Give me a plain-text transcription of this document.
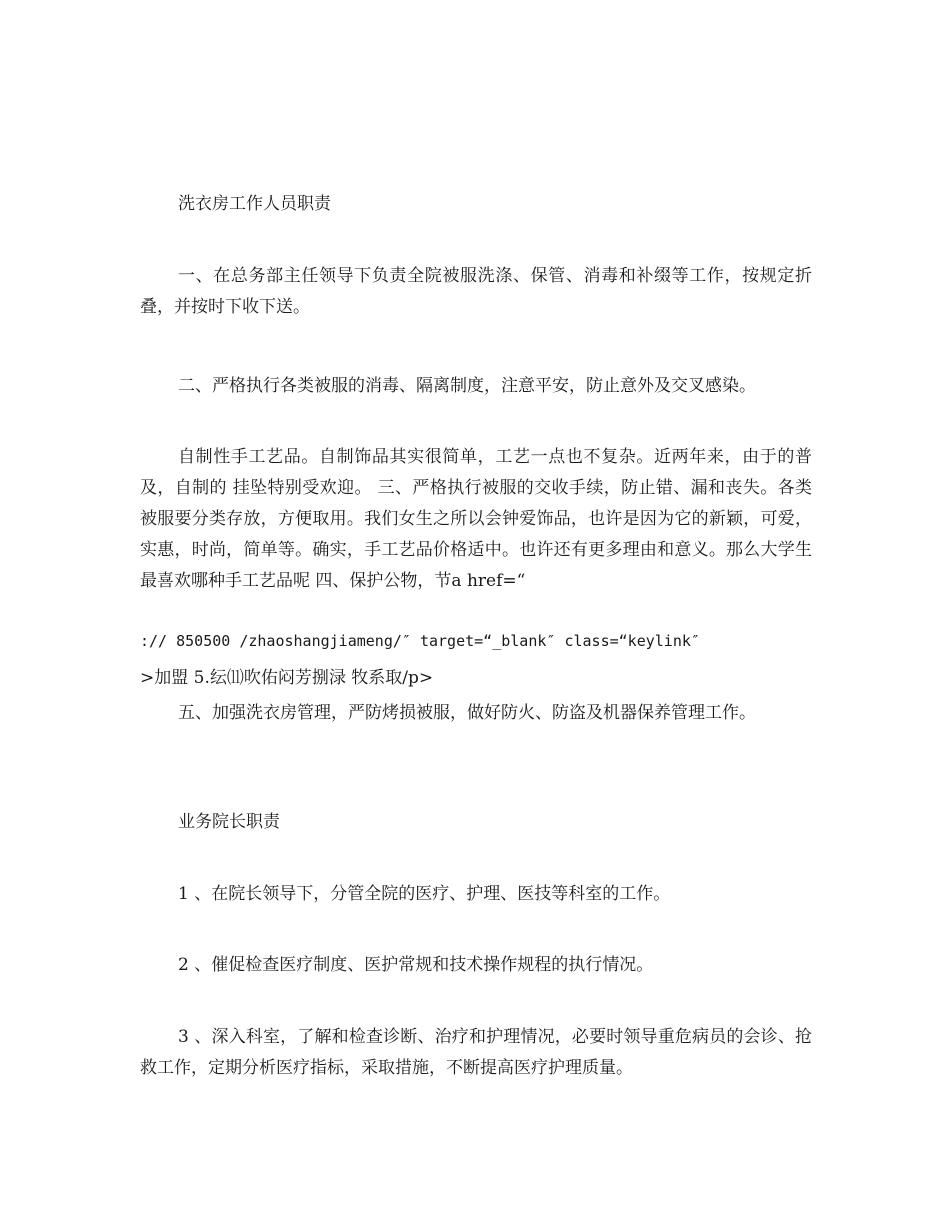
洗衣房工作人员职责
一、在总务部主任领导下负责全院被服洗涤、保管、消毒和补缀等工作，按规定折叠，并按时下收下送。
二、严格执行各类被服的消毒、隔离制度，注意平安，防止意外及交叉感染。
自制性手工艺品。自制饰品其实很简单，工艺一点也不复杂。近两年来，由于的普及，自制的 挂坠特别受欢迎。 三、严格执行被服的交收手续，防止错、漏和丧失。各类被服要分类存放，方便取用。我们女生之所以会钟爱饰品，也许是因为它的新颖，可爱，实惠，时尚，简单等。确实，手工艺品价格适中。也许还有更多理由和意义。那么大学生最喜欢哪种手工艺品呢 四、保护公物，节a href=“
:// 850500 /zhaoshangjiameng/″ target=“_blank″ class=“keylink″
>加盟 5.纭⑾吹佑闷芳捌渌 牧系取/p>
五、加强洗衣房管理，严防烤损被服，做好防火、防盗及机器保养管理工作。
业务院长职责
1 、在院长领导下，分管全院的医疗、护理、医技等科室的工作。
2 、催促检查医疗制度、医护常规和技术操作规程的执行情况。
3 、深入科室，了解和检查诊断、治疗和护理情况，必要时领导重危病员的会诊、抢救工作，定期分析医疗指标，采取措施，不断提高医疗护理质量。
